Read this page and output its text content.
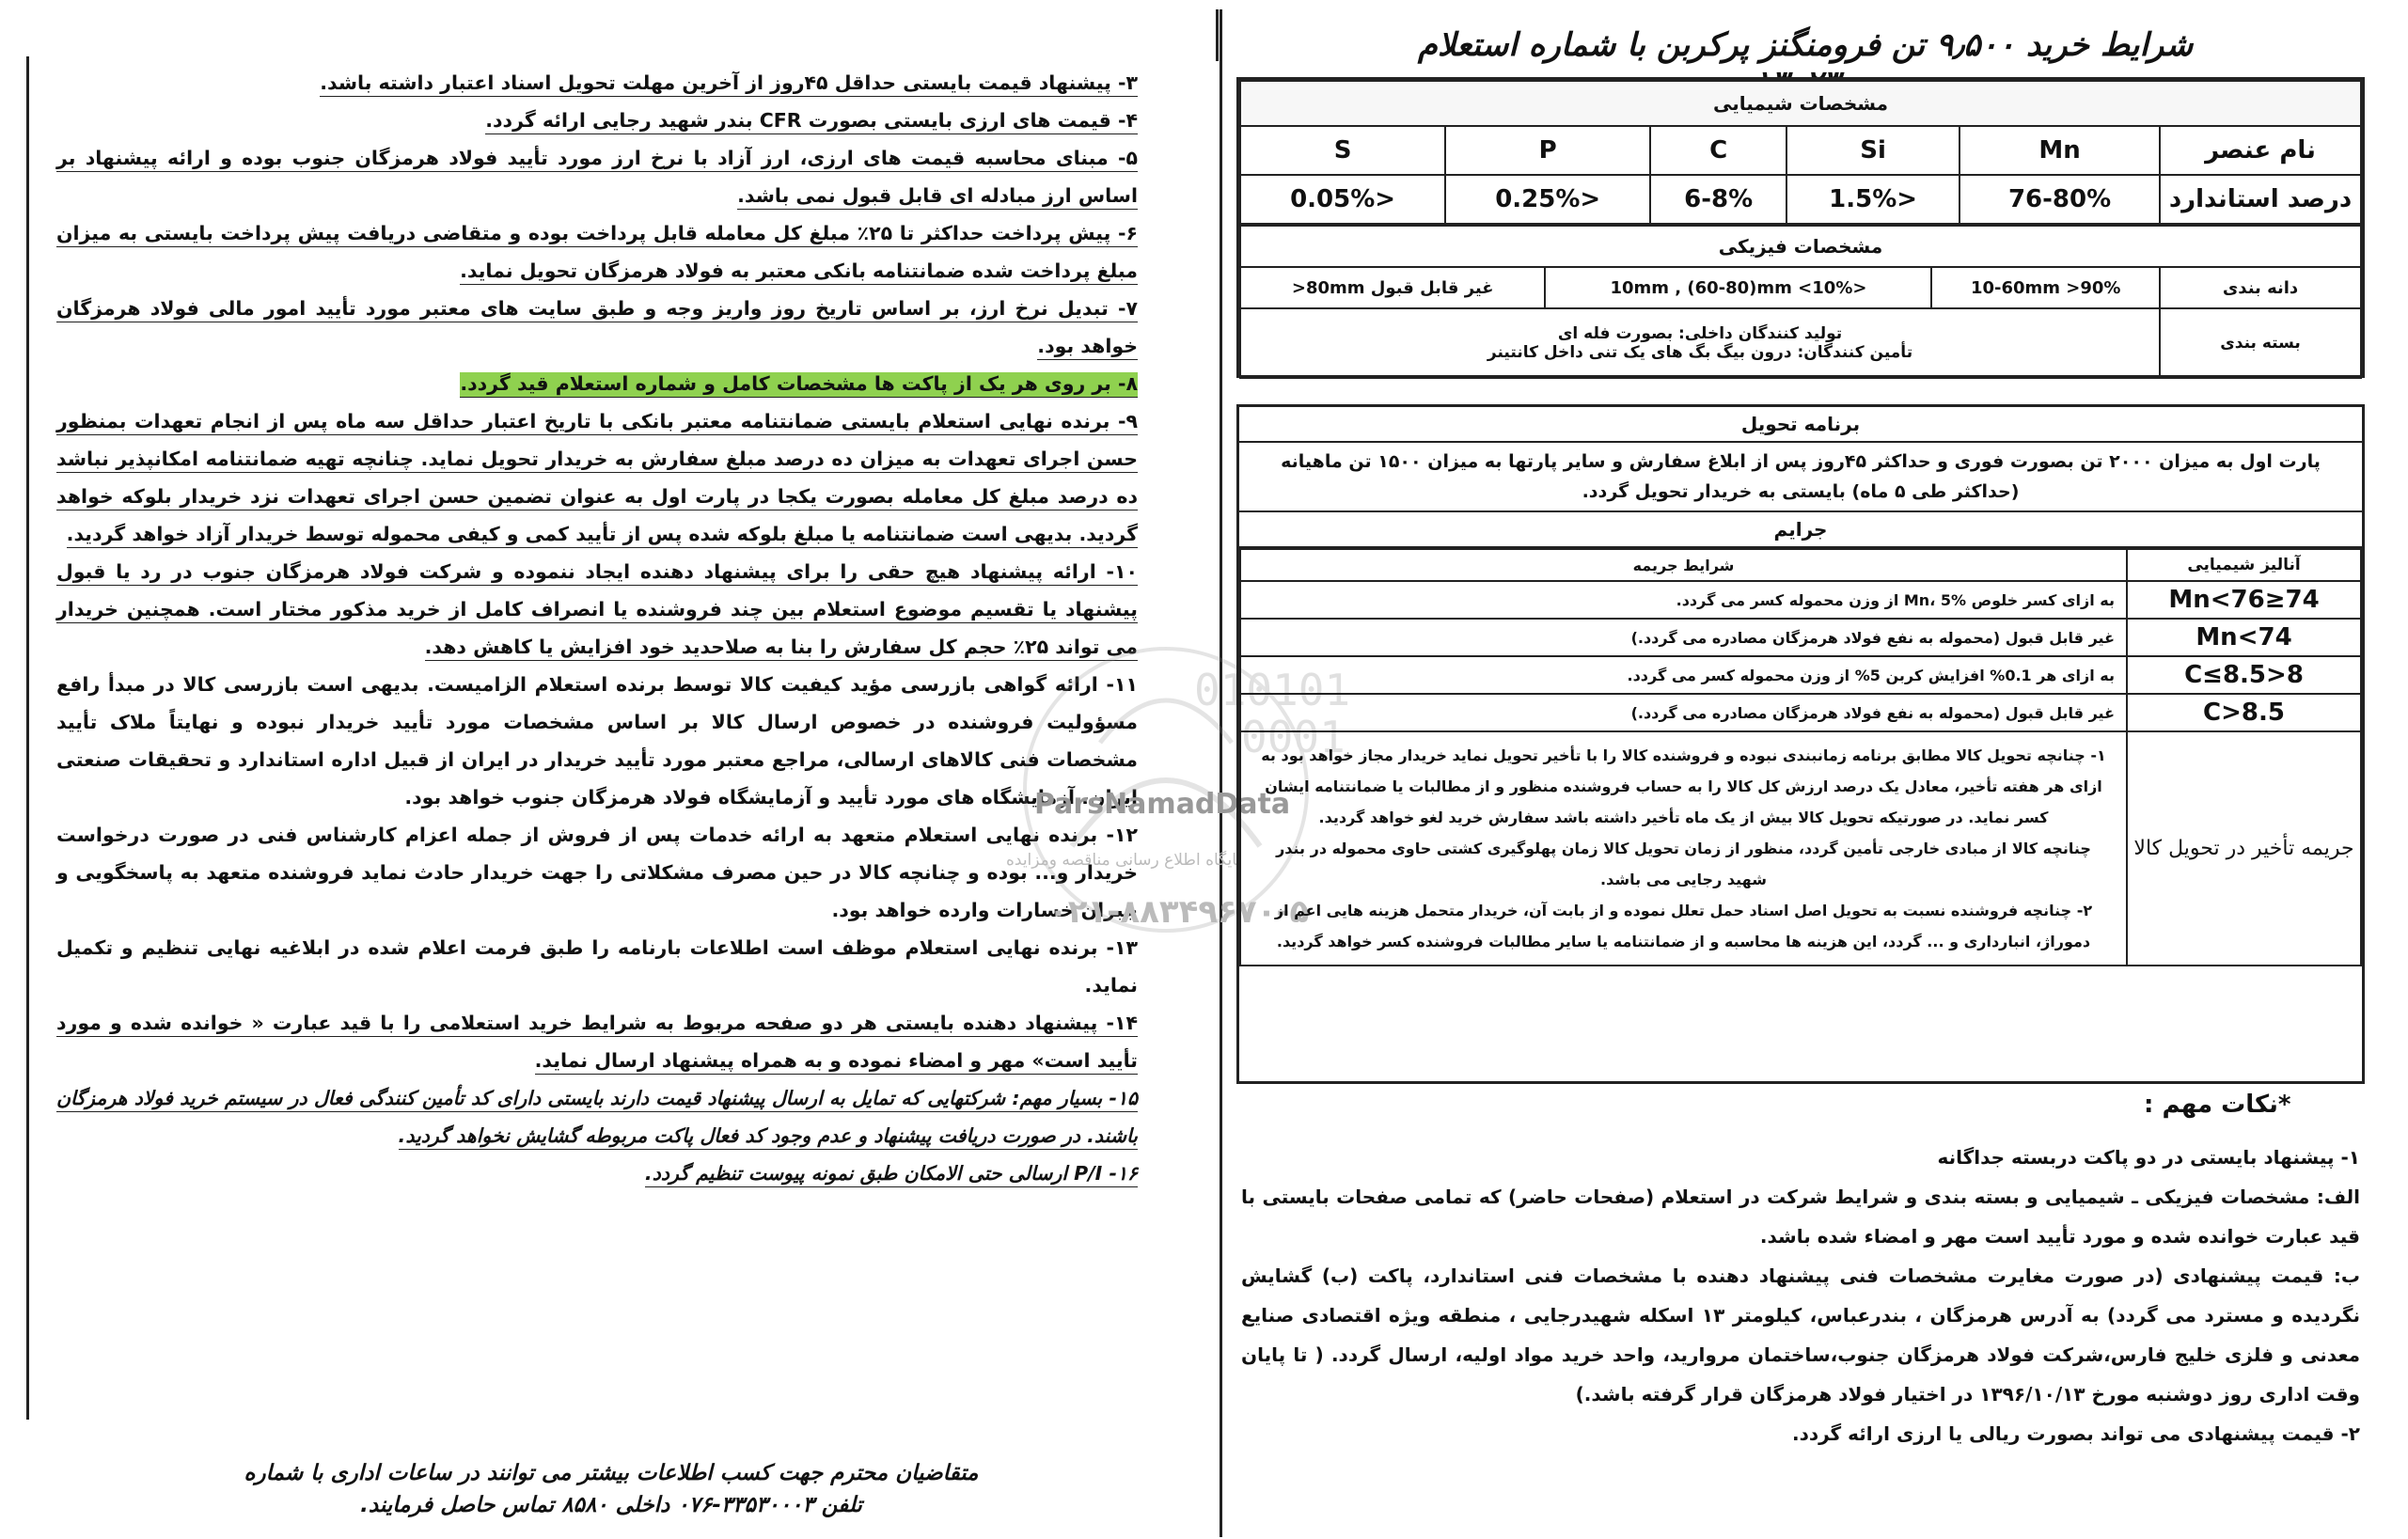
۳- پیشنهاد قیمت بایستی حداقل ۴۵روز از آخرین مهلت تحویل اسناد اعتبار داشته باشد.

۴- قیمت های ارزی بایستی بصورت CFR بندر شهید رجایی ارائه گردد.

۵- مبنای محاسبه قیمت های ارزی، ارز آزاد با نرخ ارز مورد تأیید فولاد هرمزگان جنوب بوده و ارائه پیشنهاد بر اساس ارز مبادله ای قابل قبول نمی باشد.

۶- پیش پرداخت حداکثر تا ۲۵٪ مبلغ کل معامله قابل پرداخت بوده و متقاضی دریافت پیش پرداخت بایستی به میزان مبلغ پرداخت شده ضمانتنامه بانکی معتبر به فولاد هرمزگان تحویل نماید.

۷- تبدیل نرخ ارز، بر اساس تاریخ روز واریز وجه و طبق سایت های معتبر مورد تأیید امور مالی فولاد هرمزگان خواهد بود.

۸- بر روی هر یک از پاکت ها مشخصات کامل و شماره استعلام قید گردد.

۹- برنده نهایی استعلام بایستی ضمانتنامه معتبر بانکی با تاریخ اعتبار حداقل سه ماه پس از انجام تعهدات بمنظور حسن اجرای تعهدات به میزان ده درصد مبلغ سفارش به خریدار تحویل نماید. چنانچه تهیه ضمانتنامه امکانپذیر نباشد ده درصد مبلغ کل معامله بصورت یکجا در پارت اول به عنوان تضمین حسن اجرای تعهدات نزد خریدار بلوکه خواهد گردید. بدیهی است ضمانتنامه یا مبلغ بلوکه شده پس از تأیید کمی و کیفی محموله توسط خریدار آزاد خواهد گردید.

۱۰- ارائه پیشنهاد هیچ حقی را برای پیشنهاد دهنده ایجاد ننموده و شرکت فولاد هرمزگان جنوب در رد یا قبول پیشنهاد یا تقسیم موضوع استعلام بین چند فروشنده یا انصراف کامل از خرید مذکور مختار است. همچنین خریدار می تواند ۲۵٪ حجم کل سفارش را بنا به صلاحدید خود افزایش یا کاهش دهد.

۱۱- ارائه گواهی بازرسی مؤید کیفیت کالا توسط برنده استعلام الزامیست. بدیهی است بازرسی کالا در مبدأ رافع مسؤولیت فروشنده در خصوص ارسال کالا بر اساس مشخصات مورد تأیید خریدار نبوده و نهایتاً ملاک تأیید مشخصات فنی کالاهای ارسالی، مراجع معتبر مورد تأیید خریدار در ایران از قبیل اداره استاندارد و تحقیقات صنعتی ایران، آزمایشگاه های مورد تأیید و آزمایشگاه فولاد هرمزگان جنوب خواهد بود.

۱۲- برنده نهایی استعلام متعهد به ارائه خدمات پس از فروش از جمله اعزام کارشناس فنی در صورت درخواست خریدار و... بوده و چنانچه کالا در حین مصرف مشکلاتی را جهت خریدار حادث نماید فروشنده متعهد به پاسخگویی و جبران خسارات وارده خواهد بود.

۱۳- برنده نهایی استعلام موظف است اطلاعات بارنامه را طبق فرمت اعلام شده در ابلاغیه نهایی تنظیم و تکمیل نماید.

۱۴- پیشنهاد دهنده بایستی هر دو صفحه مربوط به شرایط خرید استعلامی را با قید عبارت « خوانده شده و مورد تأیید است» مهر و امضاء نموده و به همراه پیشنهاد ارسال نماید.

۱۵- بسیار مهم: شرکتهایی که تمایل به ارسال پیشنهاد قیمت دارند بایستی دارای کد تأمین کنندگی فعال در سیستم خرید فولاد هرمزگان باشند. در صورت دریافت پیشنهاد و عدم وجود کد فعال پاکت مربوطه گشایش نخواهد گردید.

۱۶- P/I ارسالی حتی الامکان طبق نمونه پیوست تنظیم گردد.

متقاضیان محترم جهت کسب اطلاعات بیشتر می توانند در ساعات اداری با شماره
تلفن ۳۳۵۳۰۰۰۳-۰۷۶ داخلی ۸۵۸۰ تماس حاصل فرمایند.
010101
0001
ParsNamadData
پایگاه اطلاع رسانی مناقصه ومزایده
۰۲۱-۸۸۳۴۹۶۷۰-۵
شرایط خرید ۹٫۵۰۰ تن فرومنگنز پرکربن با شماره استعلام
مشخصات شیمیایی					
نام عنصر	Mn	Si	C	P	S
درصد استاندارد	76-80%	<1.5%	6-8%	<0.25%	<0.05%
مشخصات فیزیکی			
دانه بندی	10-60mm >90%	<10mm , (60-80)mm <10%	غیر قابل قبول 80mm<
بسته بندی	تولید کنندگان داخلی: بصورت فله ای
تأمین کنندگان: درون بیگ بگ های یک تنی داخل کانتینر		
برنامه تحویل
پارت اول به میزان ۲۰۰۰ تن بصورت فوری و حداکثر ۴۵روز پس از ابلاغ سفارش و سایر پارتها به میزان ۱۵۰۰ تن ماهیانه (حداکثر طی ۵ ماه) بایستی به خریدار تحویل گردد.
جرایم
آنالیز شیمیایی	شرایط جریمه
74≤Mn<76	به ازای کسر خلوص Mn، 5% از وزن محموله کسر می گردد.
Mn<74	غیر قابل قبول (محموله به نفع فولاد هرمزگان مصادره می گردد.)
8<C≤8.5	به ازای هر 0.1% افزایش کربن 5% از وزن محموله کسر می گردد.
8.5<C	غیر قابل قبول (محموله به نفع فولاد هرمزگان مصادره می گردد.)
جریمه تأخیر در تحویل کالا	۱- چنانچه تحویل کالا مطابق برنامه زمانبندی نبوده و فروشنده کالا را با تأخیر تحویل نماید خریدار مجاز خواهد بود به ازای هر هفته تأخیر، معادل یک درصد ارزش کل کالا را به حساب فروشنده منظور و از مطالبات یا ضمانتنامه ایشان کسر نماید. در صورتیکه تحویل کالا بیش از یک ماه تأخیر داشته باشد سفارش خرید لغو خواهد گردید.
چنانچه کالا از مبادی خارجی تأمین گردد، منظور از زمان تحویل کالا زمان پهلوگیری کشتی حاوی محموله در بندر شهید رجایی می باشد.
۲- چنانچه فروشنده نسبت به تحویل اصل اسناد حمل تعلل نموده و از بابت آن، خریدار متحمل هزینه هایی اعم از دموراژ، انبارداری و ... گردد، این هزینه ها محاسبه و از ضمانتنامه یا سایر مطالبات فروشنده کسر خواهد گردید.
*نکات مهم :

۱- پیشنهاد بایستی در دو پاکت دربسته جداگانه

الف: مشخصات فیزیکی ـ شیمیایی و بسته بندی و شرایط شرکت در استعلام (صفحات حاضر) که تمامی صفحات بایستی با قید عبارت خوانده شده و مورد تأیید است مهر و امضاء شده باشد.

ب: قیمت پیشنهادی (در صورت مغایرت مشخصات فنی پیشنهاد دهنده با مشخصات فنی استاندارد، پاکت (ب) گشایش نگردیده و مسترد می گردد) به آدرس هرمزگان ، بندرعباس، کیلومتر ۱۳ اسکله شهیدرجایی ، منطقه ویژه اقتصادی صنایع معدنی و فلزی خلیج فارس،شرکت فولاد هرمزگان جنوب،ساختمان مروارید، واحد خرید مواد اولیه، ارسال گردد. ( تا پایان وقت اداری روز دوشنبه مورخ ۱۳۹۶/۱۰/۱۳ در اختیار فولاد هرمزگان قرار گرفته باشد.)

۲- قیمت پیشنهادی می تواند بصورت ریالی یا ارزی ارائه گردد.
